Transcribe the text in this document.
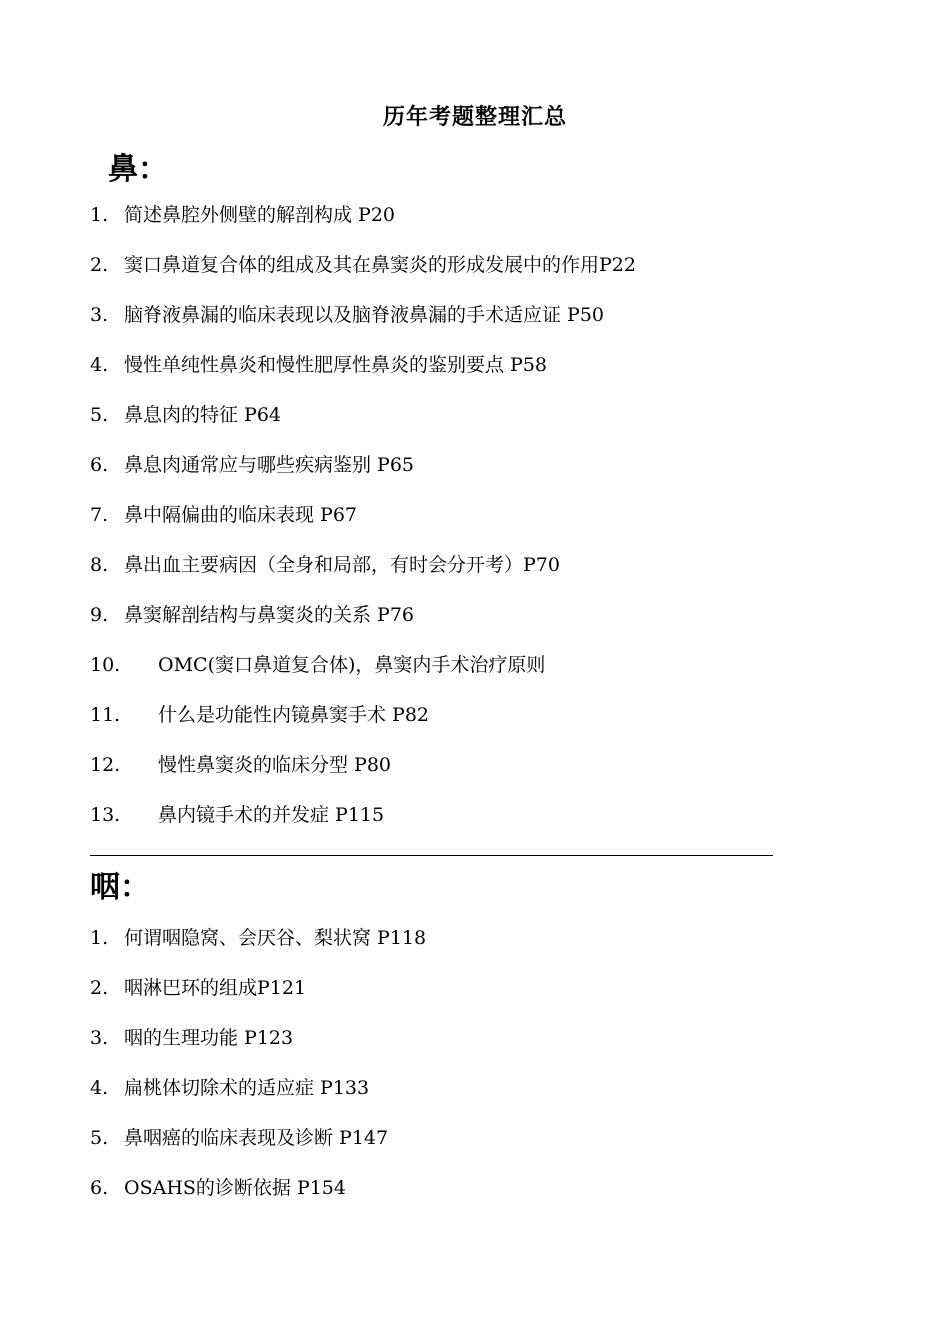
历年考题整理汇总
鼻：
1. 简述鼻腔外侧壁的解剖构成 P20
2. 窦口鼻道复合体的组成及其在鼻窦炎的形成发展中的作用P22
3. 脑脊液鼻漏的临床表现以及脑脊液鼻漏的手术适应证 P50
4. 慢性单纯性鼻炎和慢性肥厚性鼻炎的鉴别要点 P58
5. 鼻息肉的特征 P64
6. 鼻息肉通常应与哪些疾病鉴别 P65
7. 鼻中隔偏曲的临床表现 P67
8. 鼻出血主要病因（全身和局部，有时会分开考）P70
9. 鼻窦解剖结构与鼻窦炎的关系 P76
10. OMC(窦口鼻道复合体)，鼻窦内手术治疗原则
11. 什么是功能性内镜鼻窦手术 P82
12. 慢性鼻窦炎的临床分型 P80
13. 鼻内镜手术的并发症 P115
咽：
1. 何谓咽隐窝、会厌谷、梨状窝 P118
2. 咽淋巴环的组成P121
3. 咽的生理功能 P123
4. 扁桃体切除术的适应症 P133
5. 鼻咽癌的临床表现及诊断 P147
6. OSAHS的诊断依据 P154
